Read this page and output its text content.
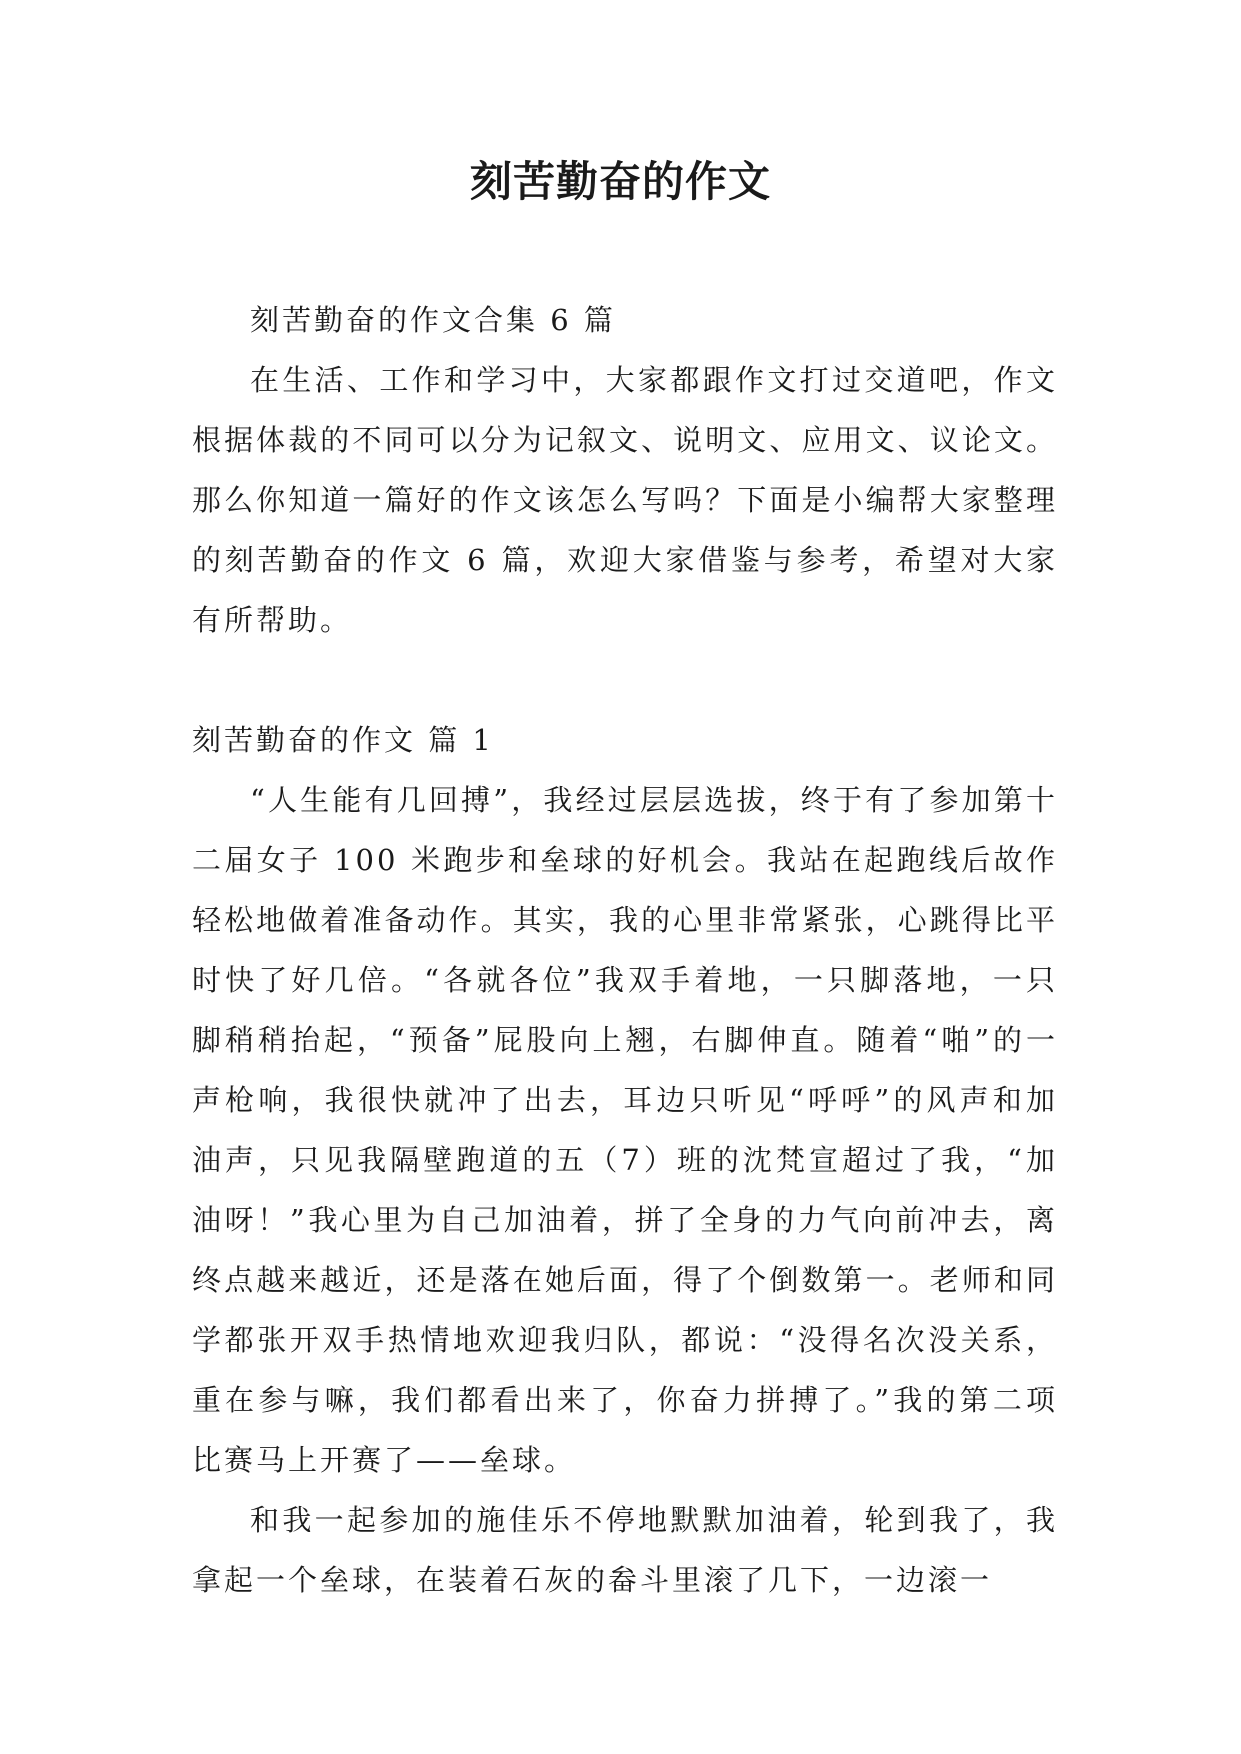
刻苦勤奋的作文

刻苦勤奋的作文合集 6 篇

在生活、工作和学习中，大家都跟作文打过交道吧，作文根据体裁的不同可以分为记叙文、说明文、应用文、议论文。那么你知道一篇好的作文该怎么写吗？下面是小编帮大家整理的刻苦勤奋的作文 6 篇，欢迎大家借鉴与参考，希望对大家有所帮助。

刻苦勤奋的作文 篇 1

“人生能有几回搏”，我经过层层选拔，终于有了参加第十二届女子 100 米跑步和垒球的好机会。我站在起跑线后故作轻松地做着准备动作。其实，我的心里非常紧张，心跳得比平时快了好几倍。“各就各位”我双手着地，一只脚落地，一只脚稍稍抬起，“预备”屁股向上翘，右脚伸直。随着“啪”的一声枪响，我很快就冲了出去，耳边只听见“呼呼”的风声和加油声，只见我隔壁跑道的五（7）班的沈梵宣超过了我，“加油呀！”我心里为自己加油着，拼了全身的力气向前冲去，离终点越来越近，还是落在她后面，得了个倒数第一。老师和同学都张开双手热情地欢迎我归队，都说：“没得名次没关系，重在参与嘛，我们都看出来了，你奋力拼搏了。”我的第二项比赛马上开赛了——垒球。

和我一起参加的施佳乐不停地默默加油着，轮到我了，我拿起一个垒球，在装着石灰的畚斗里滚了几下，一边滚一
